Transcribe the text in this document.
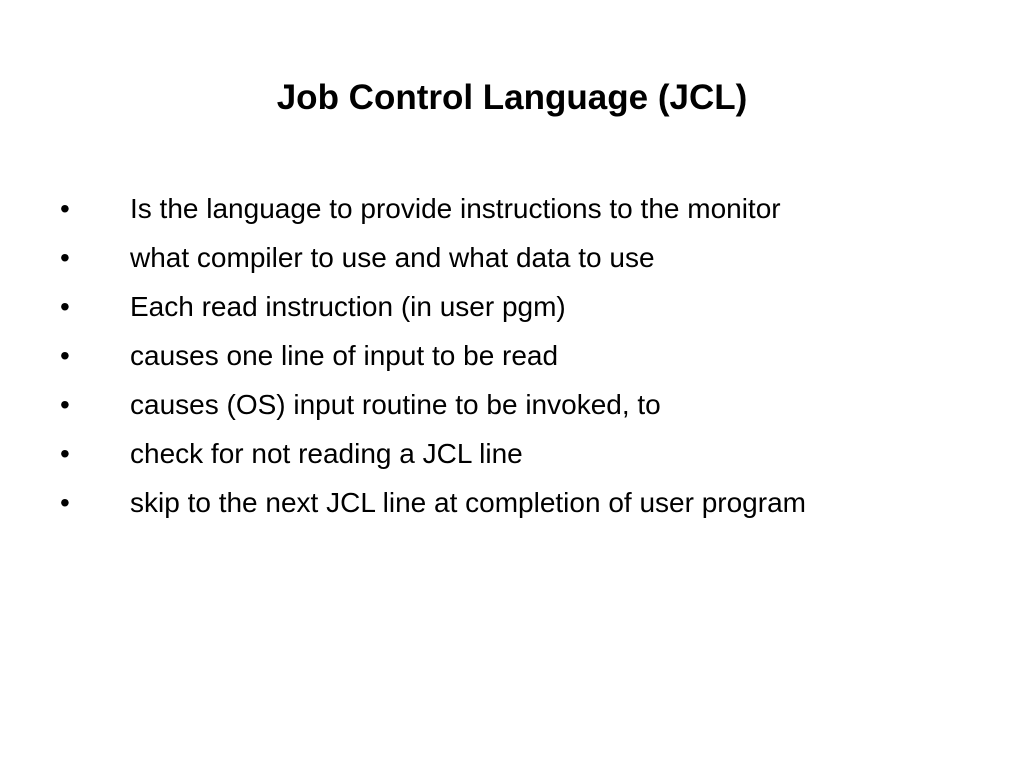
Job Control Language (JCL)
•	Is the language to provide instructions to the monitor
•	what compiler to use and what data to use
•	Each read instruction (in user pgm)
•	causes one line of input to be read
•	causes (OS) input routine to be invoked, to
•	check for not reading a JCL line
•	skip to the next JCL line at completion of user program
